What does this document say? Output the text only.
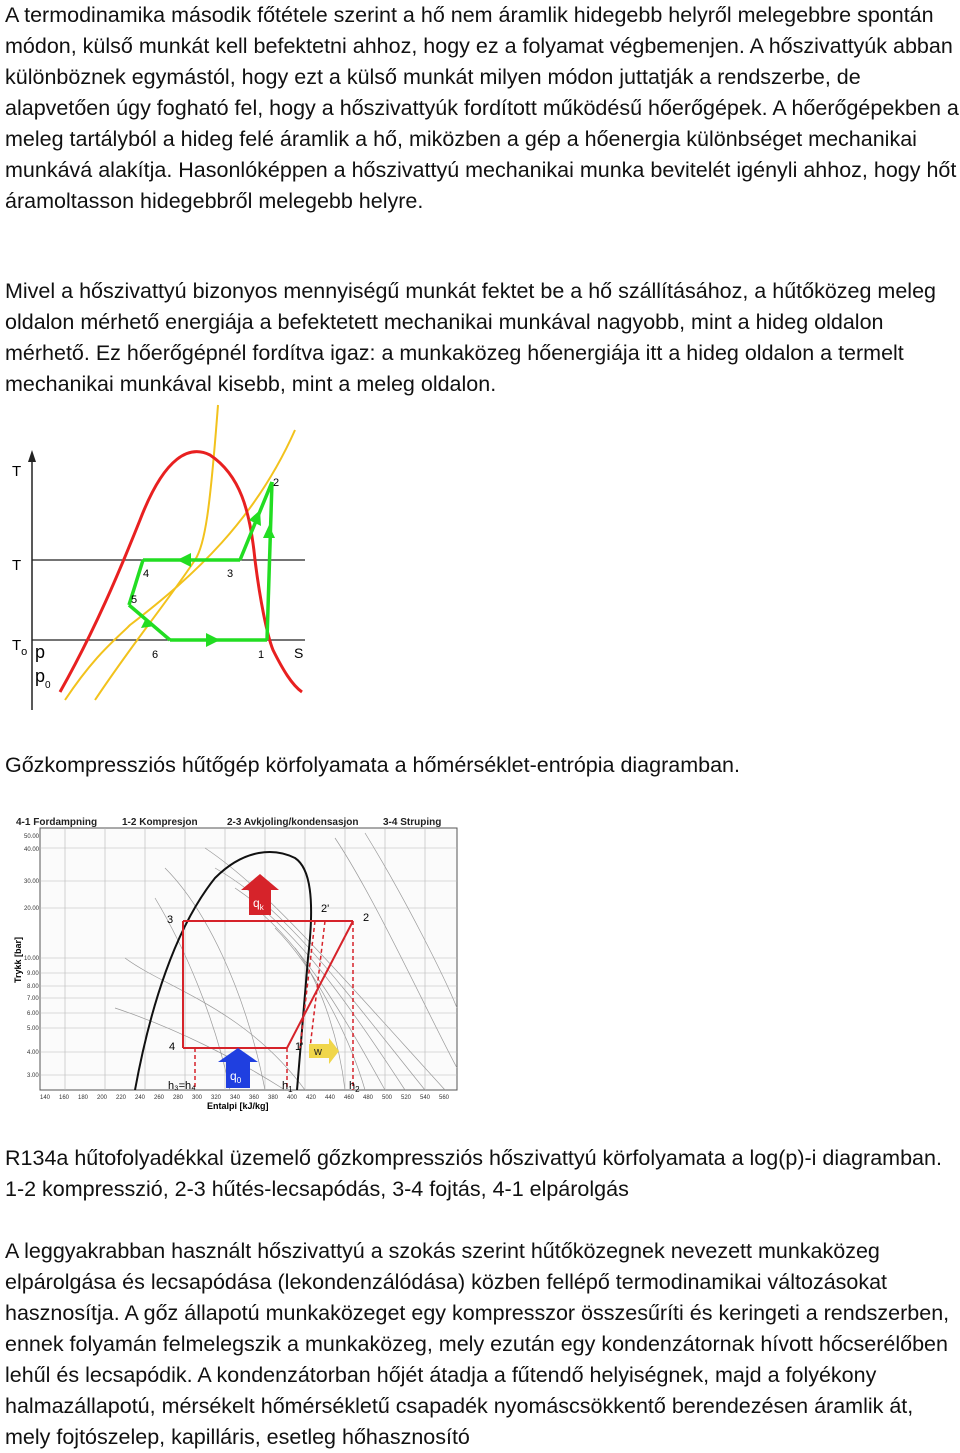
A termodinamika második főtétele szerint a hő nem áramlik hidegebb helyről melegebbre spontán módon, külső munkát kell befektetni ahhoz, hogy ez a folyamat végbemenjen. A hőszivattyúk abban különböznek egymástól, hogy ezt a külső munkát milyen módon juttatják a rendszerbe, de alapvetően úgy fogható fel, hogy a hőszivattyúk fordított működésű hőerőgépek. A hőerőgépekben a meleg tartályból a hideg felé áramlik a hő, miközben a gép a hőenergia különbséget mechanikai munkává alakítja. Hasonlóképpen a hőszivattyú mechanikai munka bevitelét igényli ahhoz, hogy hőt áramoltasson hidegebbről melegebb helyre.

Mivel a hőszivattyú bizonyos mennyiségű munkát fektet be a hő szállításához, a hűtőközeg meleg oldalon mérhető energiája a befektetett mechanikai munkával nagyobb, mint a hideg oldalon mérhető. Ez hőerőgépnél fordítva igaz: a munkaközeg hőenergiája itt a hideg oldalon a termelt mechanikai munkával kisebb, mint a meleg oldalon.

T
T
$T_o$ p
$p_0$
S
2
4	3
5
6	1

Gőzkompressziós hűtőgép körfolyamata a hőmérséklet-entrópia diagramban.

$q_k$
$q_0$
w
3	2
2'
4	1'
h₃=h₄	$h_1$	$h_2$
4-1 Fordampning 1-2 Kompresjon	2-3 Avkjoling/kondensasjon 3-4 Struping
Trykk [bar]
Entalpi [kJ/kg]
50.00
40.00
30.00
20.00
10.00
9.00
8.00
7.00
6.00
5.00
4.00
3.00
140 160 180 200 220 240 260 280 300 320 340 360 380 400 420 440 460 480 500 520 540 560

R134a hűtofolyadékkal üzemelő gőzkompressziós hőszivattyú körfolyamata a log(p)-i diagramban. 1-2 kompresszió, 2-3 hűtés-lecsapódás, 3-4 fojtás, 4-1 elpárolgás

A leggyakrabban használt hőszivattyú a szokás szerint hűtőközegnek nevezett munkaközeg elpárolgása és lecsapódása (lekondenzálódása) közben fellépő termodinamikai változásokat hasznosítja. A gőz állapotú munkaközeget egy kompresszor összesűríti és keringeti a rendszerben, ennek folyamán felmelegszik a munkaközeg, mely ezután egy kondenzátornak hívott hőcserélőben lehűl és lecsapódik. A kondenzátorban hőjét átadja a fűtendő helyiségnek, majd a folyékony halmazállapotú, mérsékelt hőmérsékletű csapadék nyomáscsökkentő berendezésen áramlik át, mely fojtószelep, kapilláris, esetleg hőhasznosító
